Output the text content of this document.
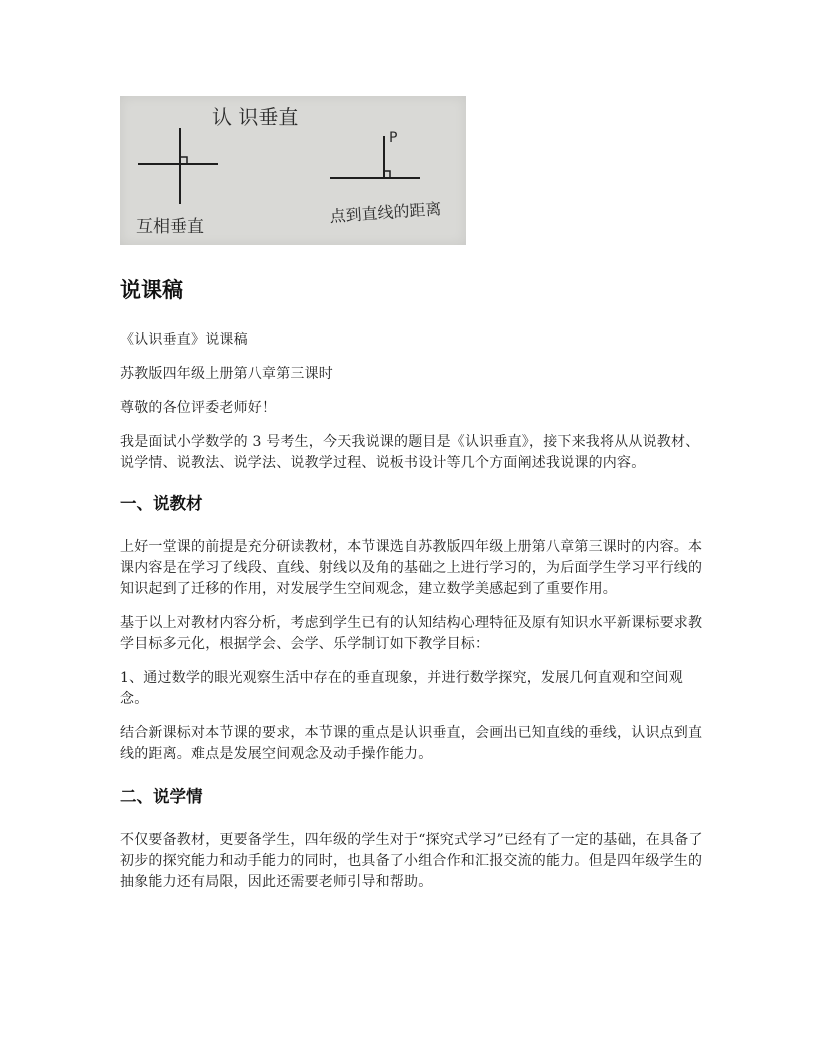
认 识垂直
互相垂直
P
点到直线的距离
说课稿

《认识垂直》说课稿

苏教版四年级上册第八章第三课时

尊敬的各位评委老师好！

我是面试小学数学的 3 号考生，今天我说课的题目是《认识垂直》，接下来我将从从说教材、说学情、说教法、说学法、说教学过程、说板书设计等几个方面阐述我说课的内容。

一、说教材

上好一堂课的前提是充分研读教材，本节课选自苏教版四年级上册第八章第三课时的内容。本课内容是在学习了线段、直线、射线以及角的基础之上进行学习的，为后面学生学习平行线的知识起到了迁移的作用，对发展学生空间观念，建立数学美感起到了重要作用。

基于以上对教材内容分析，考虑到学生已有的认知结构心理特征及原有知识水平新课标要求教学目标多元化，根据学会、会学、乐学制订如下教学目标：

1、通过数学的眼光观察生活中存在的垂直现象，并进行数学探究，发展几何直观和空间观念。

结合新课标对本节课的要求，本节课的重点是认识垂直，会画出已知直线的垂线，认识点到直线的距离。难点是发展空间观念及动手操作能力。

二、说学情

不仅要备教材，更要备学生，四年级的学生对于“探究式学习”已经有了一定的基础，在具备了初步的探究能力和动手能力的同时，也具备了小组合作和汇报交流的能力。但是四年级学生的抽象能力还有局限，因此还需要老师引导和帮助。
